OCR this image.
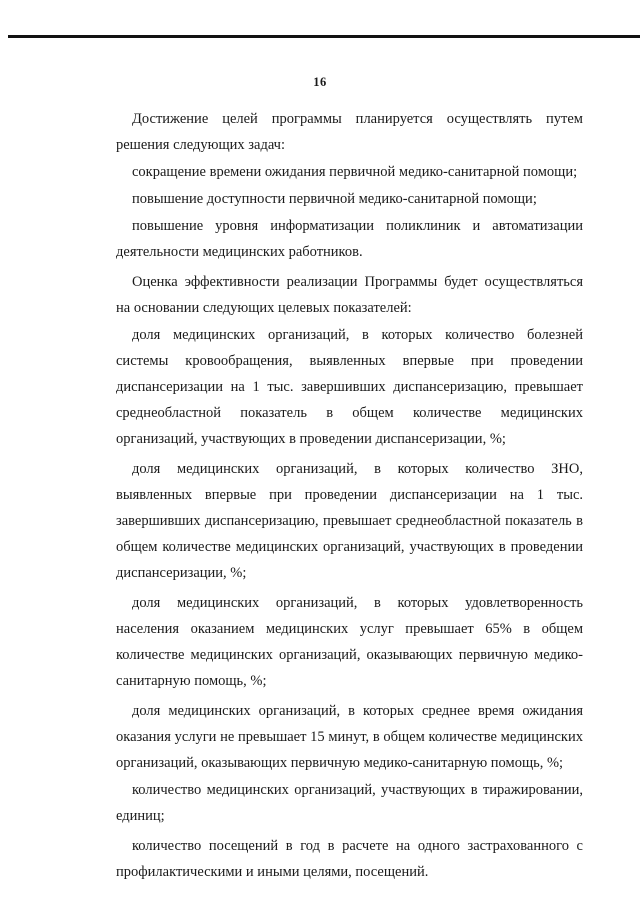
16

Достижение целей программы планируется осуществлять путем решения следующих задач:

сокращение времени ожидания первичной медико-санитарной помощи;

повышение доступности первичной медико-санитарной помощи;

повышение уровня информатизации поликлиник и автоматизации деятельности медицинских работников.

Оценка эффективности реализации Программы будет осуществляться на основании следующих целевых показателей:

доля медицинских организаций, в которых количество болезней системы кровообращения, выявленных впервые при проведении диспансеризации на 1 тыс. завершивших диспансеризацию, превышает среднеобластной показатель в общем количестве медицинских организаций, участвующих в проведении диспансеризации, %;

доля медицинских организаций, в которых количество ЗНО, выявленных впервые при проведении диспансеризации на 1 тыс. завершивших диспансеризацию, превышает среднеобластной показатель в общем количестве медицинских организаций, участвующих в проведении диспансеризации, %;

доля медицинских организаций, в которых удовлетворенность населения оказанием медицинских услуг превышает 65% в общем количестве медицинских организаций, оказывающих первичную медико-санитарную помощь, %;

доля медицинских организаций, в которых среднее время ожидания оказания услуги не превышает 15 минут, в общем количестве медицинских организаций, оказывающих первичную медико-санитарную помощь, %;

количество медицинских организаций, участвующих в тиражировании, единиц;

количество посещений в год в расчете на одного застрахованного с профилактическими и иными целями, посещений.
